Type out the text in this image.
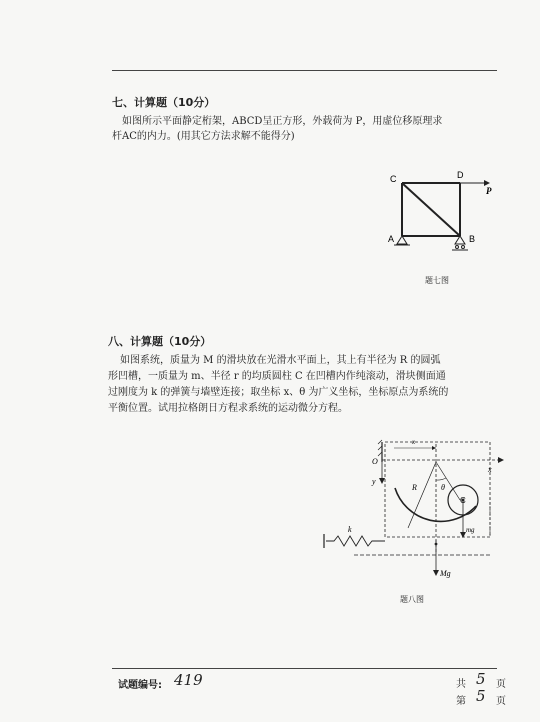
七、计算题（10分）
如图所示平面静定桁架，ABCD呈正方形，外载荷为 P，用虚位移原理求
杆AC的内力。(用其它方法求解不能得分)
C	D
A	B
P
题七图
八、计算题（10分）
如图系统，质量为 M 的滑块放在光滑水平面上，其上有半径为 R 的圆弧
形凹槽，一质量为 m、半径 r 的均质圆柱 C 在凹槽内作纯滚动，滑块侧面通
过刚度为 k 的弹簧与墙壁连接；取坐标 x、θ 为广义坐标，坐标原点为系统的
平衡位置。试用拉格朗日方程求系统的运动微分方程。
O
x
y
x
R	θ
C
mg
k
Mg
题八图
试题编号: 419	共 5 页
第 5 页
